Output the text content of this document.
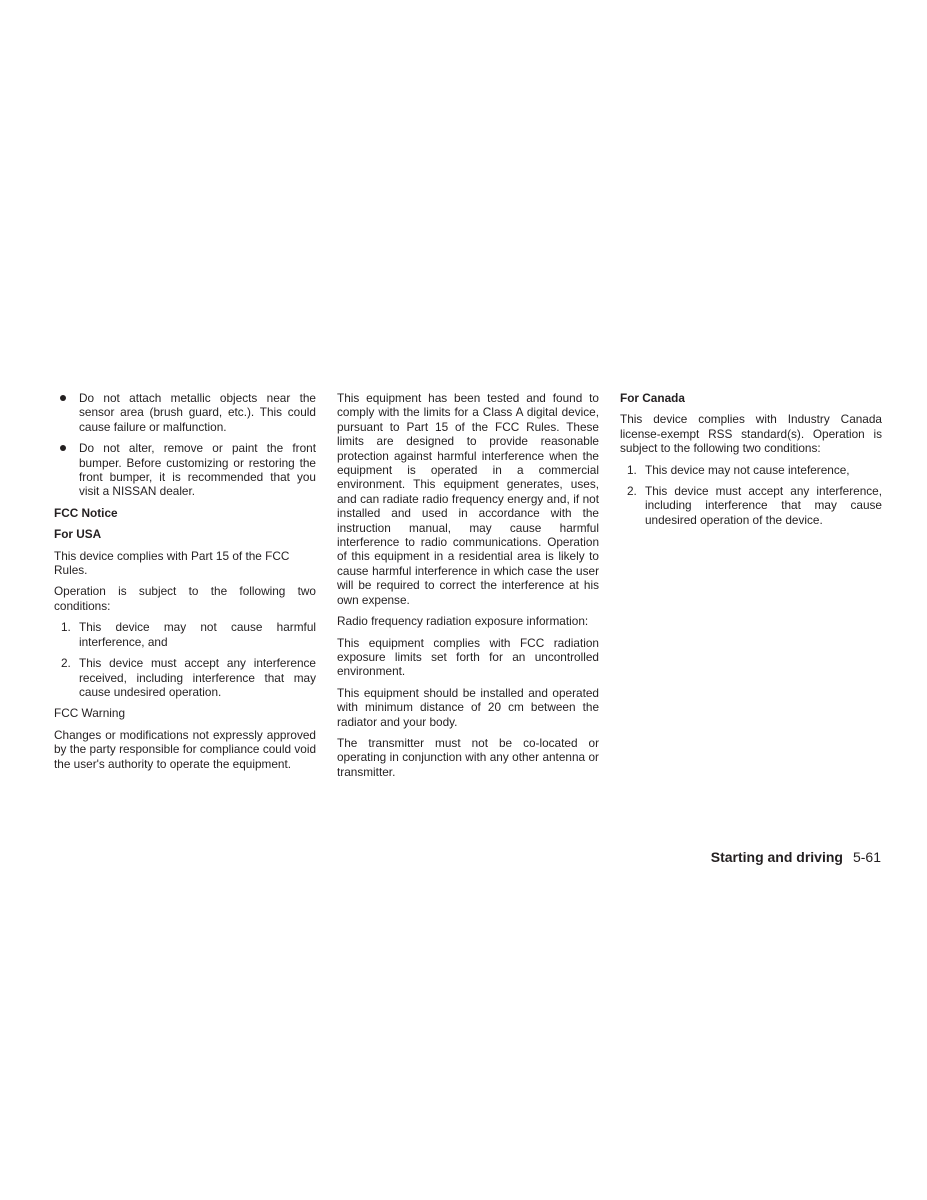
Do not attach metallic objects near the sensor area (brush guard, etc.). This could cause failure or malfunction.
Do not alter, remove or paint the front bumper. Before customizing or restoring the front bumper, it is recommended that you visit a NISSAN dealer.
FCC Notice
For USA

This device complies with Part 15 of the FCC Rules.

Operation is subject to the following two conditions:

1. This device may not cause harmful interference, and
2. This device must accept any interference received, including interference that may cause undesired operation.

FCC Warning

Changes or modifications not expressly approved by the party responsible for compliance could void the user's authority to operate the equipment.

This equipment has been tested and found to comply with the limits for a Class A digital device, pursuant to Part 15 of the FCC Rules. These limits are designed to provide reasonable protection against harmful interference when the equipment is operated in a commercial environment. This equipment generates, uses, and can radiate radio frequency energy and, if not installed and used in accordance with the instruction manual, may cause harmful interference to radio communications. Operation of this equipment in a residential area is likely to cause harmful interference in which case the user will be required to correct the interference at his own expense.

Radio frequency radiation exposure information:

This equipment complies with FCC radiation exposure limits set forth for an uncontrolled environment.

This equipment should be installed and operated with minimum distance of 20 cm between the radiator and your body.

The transmitter must not be co-located or operating in conjunction with any other antenna or transmitter.

For Canada

This device complies with Industry Canada license-exempt RSS standard(s). Operation is subject to the following two conditions:

1. This device may not cause inteference,
2. This device must accept any interference, including interference that may cause undesired operation of the device.
Starting and driving 5-61
